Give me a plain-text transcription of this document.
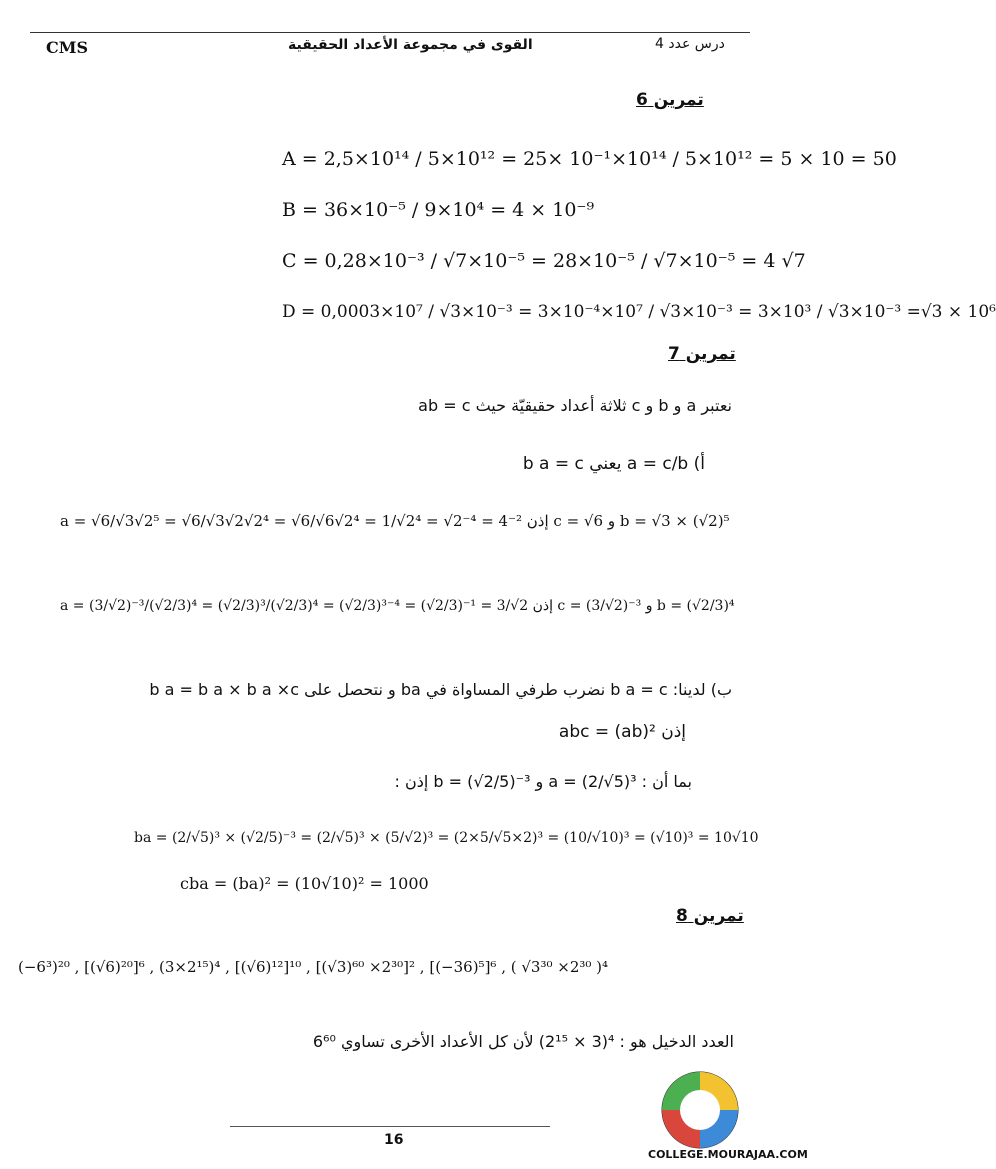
CMS	القوى في مجموعة الأعداد الحقيقية	درس عدد 4
تمرين 6
A = 2,5×10¹⁴ / 5×10¹² = 25× 10⁻¹×10¹⁴ / 5×10¹² = 5 × 10 = 50
B = 36×10⁻⁵ / 9×10⁴ = 4 × 10⁻⁹
C = 0,28×10⁻³ / √7×10⁻⁵ = 28×10⁻⁵ / √7×10⁻⁵ = 4 √7
D = 0,0003×10⁷ / √3×10⁻³ = 3×10⁻⁴×10⁷ / √3×10⁻³ = 3×10³ / √3×10⁻³ =√3 × 10⁶
تمرين 7
نعتبر a و b و c ثلاثة أعداد حقيقيّة حيث ab = c
أ) a = c/b يعني b a = c
a = √6/√3√2⁵ = √6/√3√2√2⁴ = √6/√6√2⁴ = 1/√2⁴ = √2⁻⁴ = 4⁻² إذن c = √6 و b = √3 × (√2)⁵
a = (3/√2)⁻³/(√2/3)⁴ = (√2/3)³/(√2/3)⁴ = (√2/3)³⁻⁴ = (√2/3)⁻¹ = 3/√2 إذن c = (3/√2)⁻³ و b = (√2/3)⁴
ب) لدينا: b a = c نضرب طرفي المساواة في ba و نتحصل على b a = b a × b a ×c
إذن abc = (ab)²
بما أن : a = (2/√5)³ و b = (√2/5)⁻³ إذن :
ba = (2/√5)³ × (√2/5)⁻³ = (2/√5)³ × (5/√2)³ = (2×5/√5×2)³ = (10/√10)³ = (√10)³ = 10√10
cba = (ba)² = (10√10)² = 1000
تمرين 8
(−6³)²⁰ , [(√6)²⁰]⁶ , (3×2¹⁵)⁴ , [(√6)¹²]¹⁰ , [(√3)⁶⁰ ×2³⁰]² , [(−36)⁵]⁶ , ( √3³⁰ ×2³⁰ )⁴
العدد الدخيل هو : ⁴(3 × 2¹⁵) لأن كل الأعداد الأخرى تساوي 6⁶⁰
16
COLLEGE.MOURAJAA.COM
